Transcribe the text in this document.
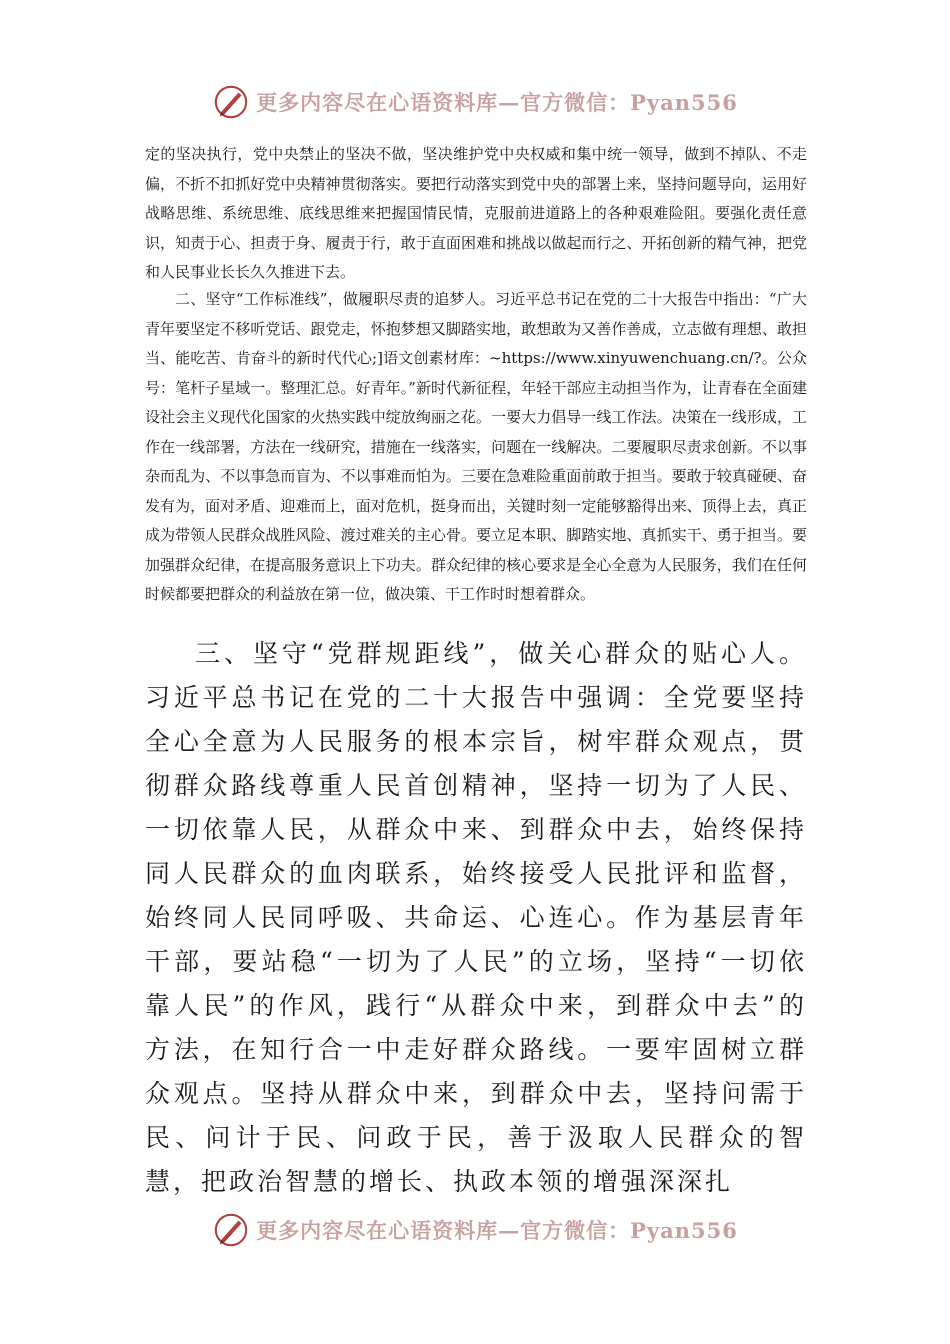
更多内容尽在心语资料库—官方微信：Pyan556

定的坚决执行，党中央禁止的坚决不做，坚决维护党中央权威和集中统一领导，做到不掉队、不走偏，不折不扣抓好党中央精神贯彻落实。要把行动落实到党中央的部署上来，坚持问题导向，运用好战略思维、系统思维、底线思维来把握国情民情，克服前进道路上的各种艰难险阻。要强化责任意识，知责于心、担责于身、履责于行，敢于直面困难和挑战以做起而行之、开拓创新的精气神，把党和人民事业长长久久推进下去。

二、坚守“工作标准线”，做履职尽责的追梦人。习近平总书记在党的二十大报告中指出：“广大青年要坚定不移听党话、跟党走，怀抱梦想又脚踏实地，敢想敢为又善作善成，立志做有理想、敢担当、能吃苦、肯奋斗的新时代代心;]语文创素材库：~https://www.xinyuwenchuang.cn/?。公众号：笔杆子星域一。整理汇总。好青年。”新时代新征程，年轻干部应主动担当作为，让青春在全面建设社会主义现代化国家的火热实践中绽放绚丽之花。一要大力倡导一线工作法。决策在一线形成，工作在一线部署，方法在一线研究，措施在一线落实，问题在一线解决。二要履职尽责求创新。不以事杂而乱为、不以事急而盲为、不以事难而怕为。三要在急难险重面前敢于担当。要敢于较真碰硬、奋发有为，面对矛盾、迎难而上，面对危机，挺身而出，关键时刻一定能够豁得出来、顶得上去，真正成为带领人民群众战胜风险、渡过难关的主心骨。要立足本职、脚踏实地、真抓实干、勇于担当。要加强群众纪律，在提高服务意识上下功夫。群众纪律的核心要求是全心全意为人民服务，我们在任何时候都要把群众的利益放在第一位，做决策、干工作时时想着群众。

三、坚守“党群规距线”，做关心群众的贴心人。习近平总书记在党的二十大报告中强调：全党要坚持全心全意为人民服务的根本宗旨，树牢群众观点，贯彻群众路线尊重人民首创精神，坚持一切为了人民、一切依靠人民，从群众中来、到群众中去，始终保持同人民群众的血肉联系，始终接受人民批评和监督，始终同人民同呼吸、共命运、心连心。作为基层青年干部，要站稳“一切为了人民”的立场，坚持“一切依靠人民”的作风，践行“从群众中来，到群众中去”的方法，在知行合一中走好群众路线。一要牢固树立群众观点。坚持从群众中来，到群众中去，坚持问需于民、问计于民、问政于民，善于汲取人民群众的智慧，把政治智慧的增长、执政本领的增强深深扎

更多内容尽在心语资料库—官方微信：Pyan556
